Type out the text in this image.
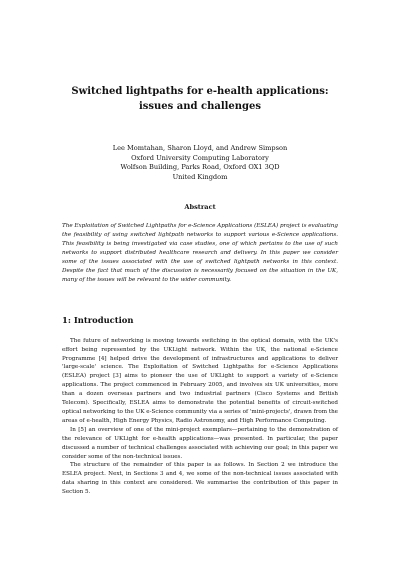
Switched lightpaths for e-health applications:
issues and challenges
Lee Momtahan, Sharon Lloyd, and Andrew Simpson
Oxford University Computing Laboratory
Wolfson Building, Parks Road, Oxford OX1 3QD
United Kingdom
Abstract

The Exploitation of Switched Lightpaths for e-Science Applications (ESLEA) project is evaluating the feasibility of using switched lightpath networks to support various e-Science applications. This feasibility is being investigated via case studies, one of which pertains to the use of such networks to support distributed healthcare research and delivery. In this paper we consider some of the issues associated with the use of switched lightpath networks in this context. Despite the fact that much of the discussion is necessarily focused on the situation in the UK, many of the issues will be relevant to the wider community.

1: Introduction

The future of networking is moving towards switching in the optical domain, with the UK's effort being represented by the UKLight network. Within the UK, the national e-Science Programme [4] helped drive the development of infrastructures and applications to deliver 'large-scale' science. The Exploitation of Switched Lightpaths for e-Science Applications (ESLEA) project [3] aims to pioneer the use of UKLight to support a variety of e-Science applications. The project commenced in February 2005, and involves six UK universities, more than a dozen overseas partners and two industrial partners (Cisco Systems and British Telecom). Specifically, ESLEA aims to demonstrate the potential benefits of circuit-switched optical networking to the UK e-Science community via a series of 'mini-projects', drawn from the areas of e-health, High Energy Physics, Radio Astronomy, and High Performance Computing.

In [5] an overview of one of the mini-project exemplars—pertaining to the demonstration of the relevance of UKLight for e-health applications—was presented. In particular, the paper discussed a number of technical challenges associated with achieving our goal; in this paper we consider some of the non-technical issues.

The structure of the remainder of this paper is as follows. In Section 2 we introduce the ESLEA project. Next, in Sections 3 and 4, we some of the non-technical issues associated with data sharing in this context are considered. We summarise the contribution of this paper in Section 5.
